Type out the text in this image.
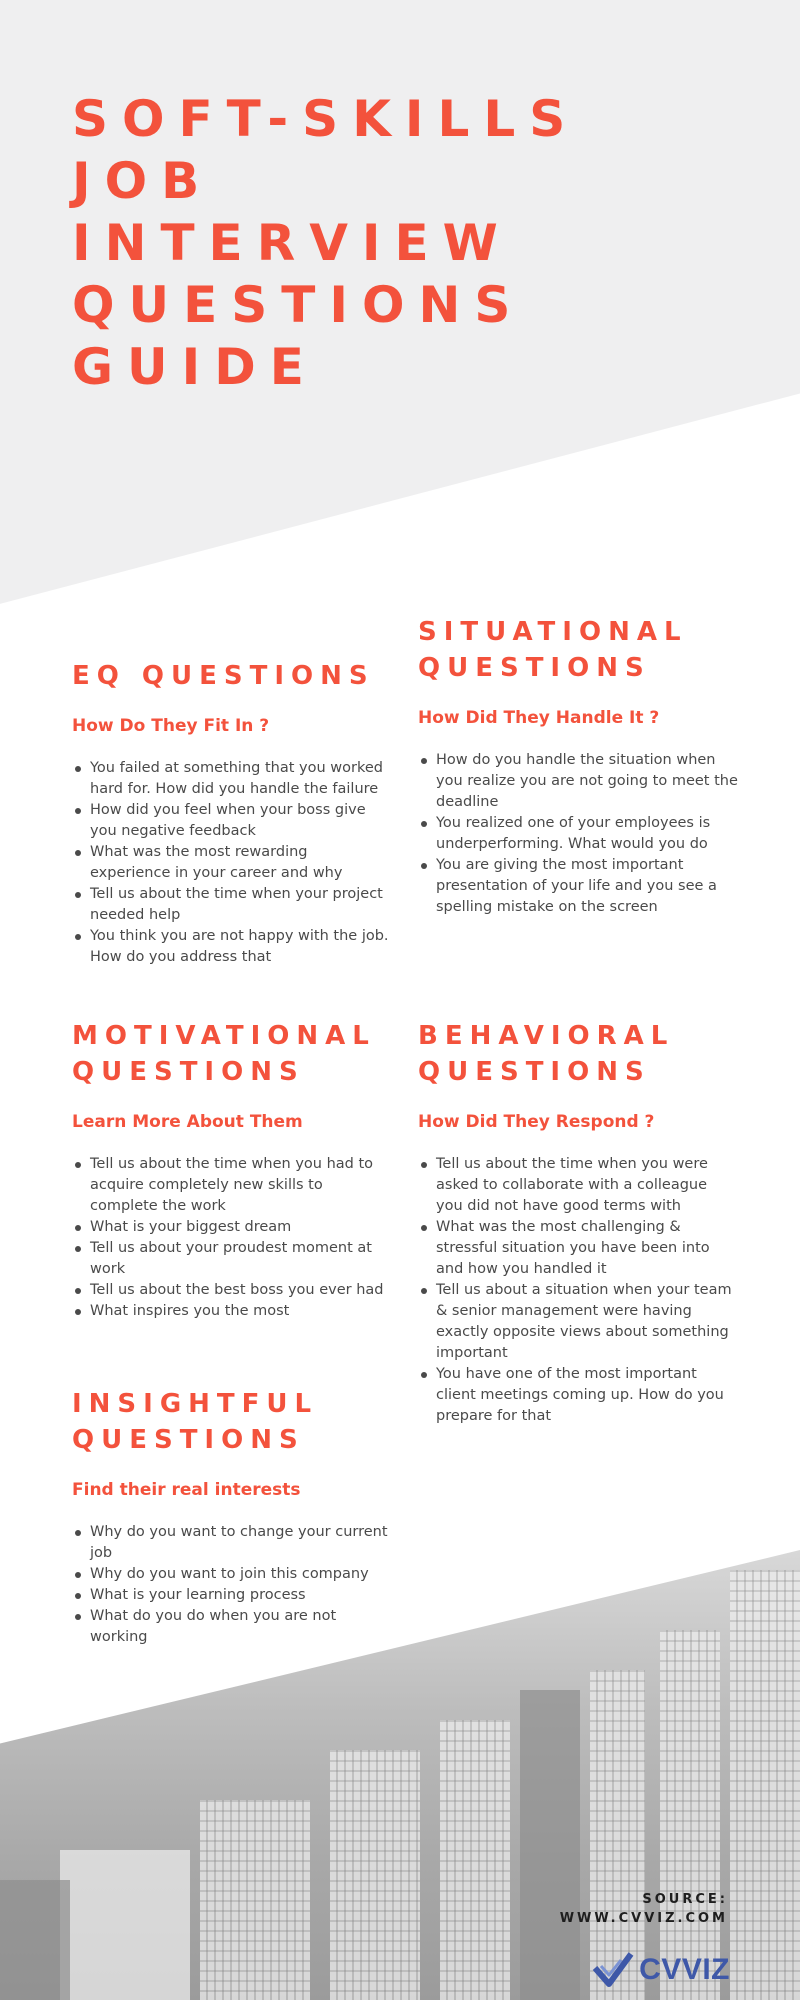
SOFT-SKILLS
JOB
INTERVIEW
QUESTIONS
GUIDE
EQ QUESTIONS
How Do They Fit In ?
You failed at something that you worked hard for. How did you handle the failure
How did you feel when your boss give you negative feedback
What was the most rewarding experience in your career and why
Tell us about the time when your project needed help
You think you are not happy with the job. How do you address that
SITUATIONAL
QUESTIONS
How Did They Handle It ?
How do you handle the situation when you realize you are not going to meet the deadline
You realized one of your employees is underperforming. What would you do
You are giving the most important presentation of your life and you see a spelling mistake on the screen
MOTIVATIONAL
QUESTIONS
Learn More About Them
Tell us about the time when you had to acquire completely new skills to complete the work
What is your biggest dream
Tell us about your proudest moment at work
Tell us about the best boss you ever had
What inspires you the most
BEHAVIORAL
QUESTIONS
How Did They Respond ?
Tell us about the time when you were asked to collaborate with a colleague you did not have good terms with
What was the most challenging & stressful situation you have been into and how you handled it
Tell us about a situation when your team & senior management were having exactly opposite views about something important
You have one of the most important client meetings coming up. How do you prepare for that
INSIGHTFUL
QUESTIONS
Find their real interests
Why do you want to change your current job
Why do you want to join this company
What is your learning process
What do you do when you are not working
SOURCE:
WWW.CVVIZ.COM
CVVIZ
